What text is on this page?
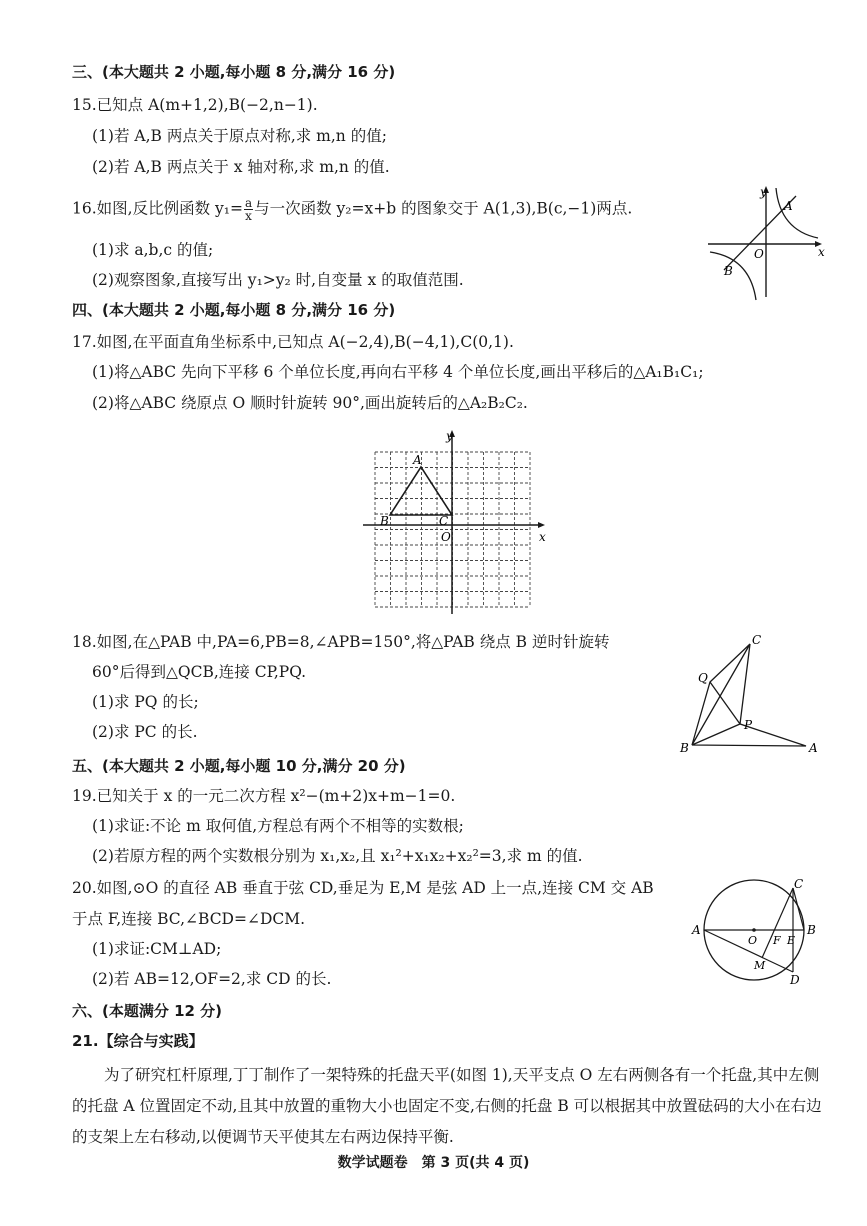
三、(本大题共 2 小题,每小题 8 分,满分 16 分)
15.已知点 A(m+1,2),B(−2,n−1).
(1)若 A,B 两点关于原点对称,求 m,n 的值;
(2)若 A,B 两点关于 x 轴对称,求 m,n 的值.
16.如图,反比例函数 $y_1= \frac{a}{x}$ 与一次函数 y₂=x+b 的图象交于 A(1,3),B(c,−1)两点.
(1)求 a,b,c 的值;
(2)观察图象,直接写出 y₁>y₂ 时,自变量 x 的取值范围.
y
x
O
A
B
四、(本大题共 2 小题,每小题 8 分,满分 16 分)
17.如图,在平面直角坐标系中,已知点 A(−2,4),B(−4,1),C(0,1).
(1)将△ABC 先向下平移 6 个单位长度,再向右平移 4 个单位长度,画出平移后的△A₁B₁C₁;
(2)将△ABC 绕原点 O 顺时针旋转 90°,画出旋转后的△A₂B₂C₂.
A
B	C
O
y
x
18.如图,在△PAB 中,PA=6,PB=8,∠APB=150°,将△PAB 绕点 B 逆时针旋转
60°后得到△QCB,连接 CP,PQ.
(1)求 PQ 的长;
(2)求 PC 的长.
C
Q
P
B	A
五、(本大题共 2 小题,每小题 10 分,满分 20 分)
19.已知关于 x 的一元二次方程 x²−(m+2)x+m−1=0.
(1)求证:不论 m 取何值,方程总有两个不相等的实数根;
(2)若原方程的两个实数根分别为 x₁,x₂,且 x₁²+x₁x₂+x₂²=3,求 m 的值.
20.如图,⊙O 的直径 AB 垂直于弦 CD,垂足为 E,M 是弦 AD 上一点,连接 CM 交 AB
于点 F,连接 BC,∠BCD=∠DCM.
(1)求证:CM⊥AD;
(2)若 AB=12,OF=2,求 CD 的长.
C
A	B
O F E
M
D
六、(本题满分 12 分)
21.【综合与实践】
为了研究杠杆原理,丁丁制作了一架特殊的托盘天平(如图 1),天平支点 O 左右两侧各有一个托盘,其中左侧的托盘 A 位置固定不动,且其中放置的重物大小也固定不变,右侧的托盘 B 可以根据其中放置砝码的大小在右边的支架上左右移动,以便调节天平使其左右两边保持平衡.
数学试题卷　第 3 页(共 4 页)
